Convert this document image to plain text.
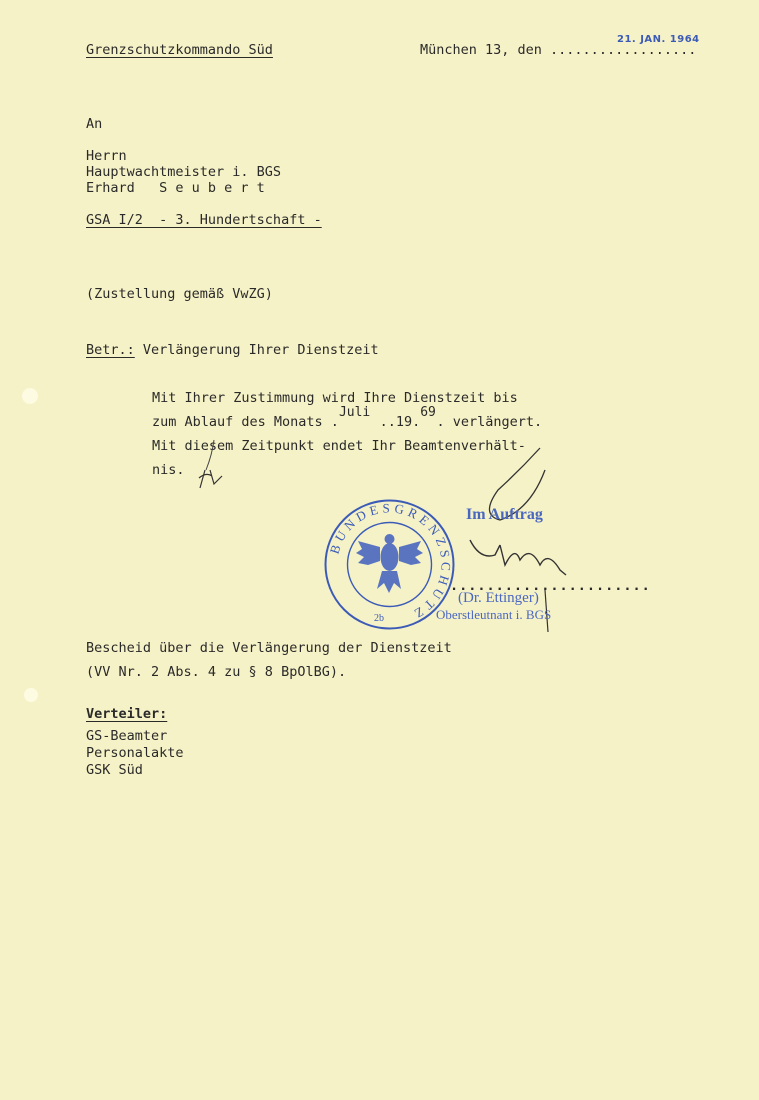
Grenzschutzkommando Süd	München 13, den ..................
21. JAN. 1964
An
Herrn
Hauptwachtmeister i. BGS
Erhard   S e u b e r t
GSA I/2  - 3. Hundertschaft -
(Zustellung gemäß VwZG)
Betr.: Verlängerung Ihrer Dienstzeit
Mit Ihrer Zustimmung wird Ihre Dienstzeit bis
zum Ablauf des Monats .
Juli
..19.
69
. verlängert.
Mit diesem Zeitpunkt endet Ihr Beamtenverhält-
nis.
BUNDESGRENZSCHUTZ
2b
Im Auftrag
......................
(Dr. Ettinger)
Oberstleutnant i. BGS
Bescheid über die Verlängerung der Dienstzeit
(VV Nr. 2 Abs. 4 zu § 8 BpOlBG).
Verteiler:
GS-Beamter
Personalakte
GSK Süd
